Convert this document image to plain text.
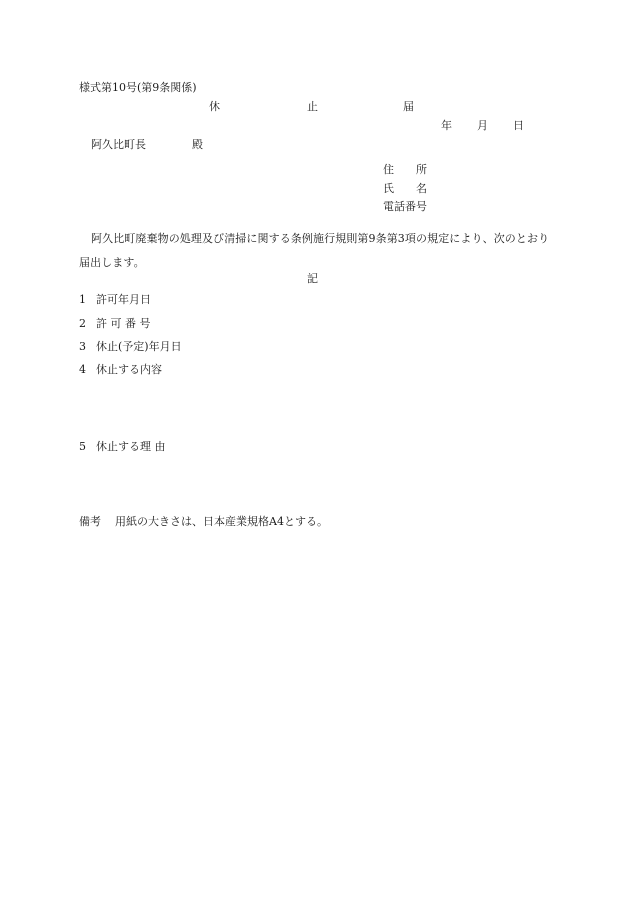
様式第10号(第9条関係)
休	止	届
年 月 日
阿久比町長	殿
住 所
氏 名
電話番号
阿久比町廃棄物の処理及び清掃に関する条例施行規則第9条第3項の規定により、次のとおり届出します。
記
1 許可年月日
2 許 可 番 号
3 休止(予定)年月日
4 休止する内容
5 休止する理 由
備考 用紙の大きさは、日本産業規格A4とする。
